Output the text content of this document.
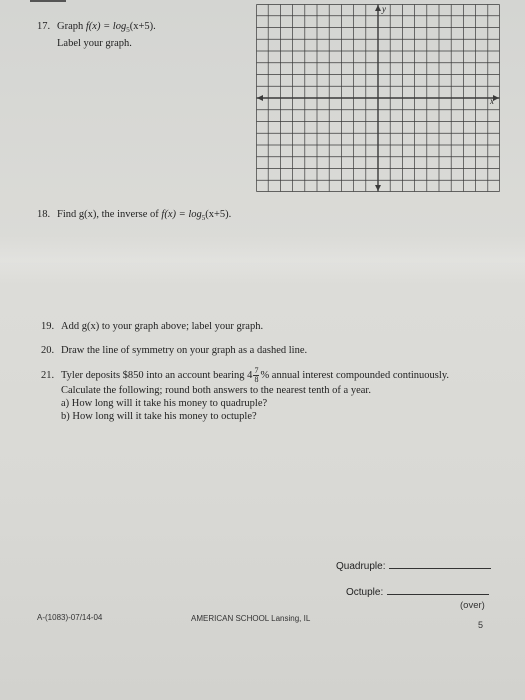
17. Graph $f(x) = \log_5(x+5)$.
Label your graph.
y
x
18. Find g(x), the inverse of $f(x) = \log_5(x+5)$.
19. Add g(x) to your graph above; label your graph.
20. Draw the line of symmetry on your graph as a dashed line.
21. Tyler deposits $850 into an account bearing $4 \frac{7}{8}$ % annual interest compounded continuously.
Calculate the following; round both answers to the nearest tenth of a year.
a) How long will it take his money to quadruple?
b) How long will it take his money to octuple?
Quadruple:
Octuple:
(over)
A-(1083)-07/14-04	AMERICAN SCHOOL Lansing, IL
5
